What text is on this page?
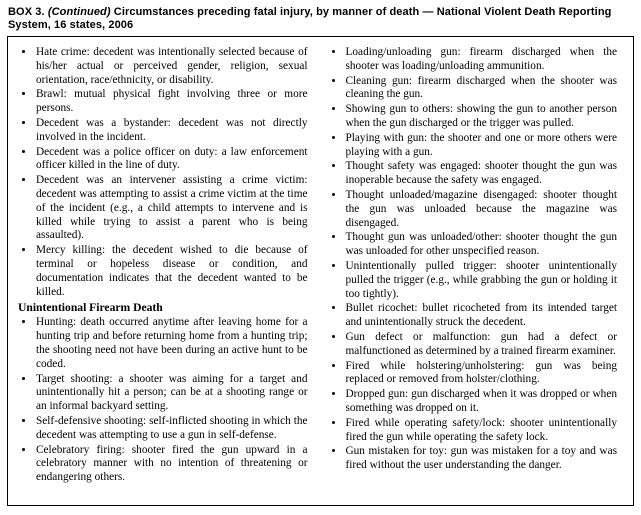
BOX 3. (Continued) Circumstances preceding fatal injury, by manner of death — National Violent Death Reporting System, 16 states, 2006
• Hate crime: decedent was intentionally selected because of his/her actual or perceived gender, religion, sexual orientation, race/ethnicity, or disability.
• Brawl: mutual physical fight involving three or more persons.
• Decedent was a bystander: decedent was not directly involved in the incident.
• Decedent was a police officer on duty: a law enforcement officer killed in the line of duty.
• Decedent was an intervener assisting a crime victim: decedent was attempting to assist a crime victim at the time of the incident (e.g., a child attempts to intervene and is killed while trying to assist a parent who is being assaulted).
• Mercy killing: the decedent wished to die because of terminal or hopeless disease or condition, and documentation indicates that the decedent wanted to be killed.
Unintentional Firearm Death
• Hunting: death occurred anytime after leaving home for a hunting trip and before returning home from a hunting trip; the shooting need not have been during an active hunt to be coded.
• Target shooting: a shooter was aiming for a target and unintentionally hit a person; can be at a shooting range or an informal backyard setting.
• Self-defensive shooting: self-inflicted shooting in which the decedent was attempting to use a gun in self-defense.
• Celebratory firing: shooter fired the gun upward in a celebratory manner with no intention of threatening or endangering others.
• Loading/unloading gun: firearm discharged when the shooter was loading/unloading ammunition.
• Cleaning gun: firearm discharged when the shooter was cleaning the gun.
• Showing gun to others: showing the gun to another person when the gun discharged or the trigger was pulled.
• Playing with gun: the shooter and one or more others were playing with a gun.
• Thought safety was engaged: shooter thought the gun was inoperable because the safety was engaged.
• Thought unloaded/magazine disengaged: shooter thought the gun was unloaded because the magazine was disengaged.
• Thought gun was unloaded/other: shooter thought the gun was unloaded for other unspecified reason.
• Unintentionally pulled trigger: shooter unintentionally pulled the trigger (e.g., while grabbing the gun or holding it too tightly).
• Bullet ricochet: bullet ricocheted from its intended target and unintentionally struck the decedent.
• Gun defect or malfunction: gun had a defect or malfunctioned as determined by a trained firearm examiner.
• Fired while holstering/unholstering: gun was being replaced or removed from holster/clothing.
• Dropped gun: gun discharged when it was dropped or when something was dropped on it.
• Fired while operating safety/lock: shooter unintentionally fired the gun while operating the safety lock.
• Gun mistaken for toy: gun was mistaken for a toy and was fired without the user understanding the danger.
